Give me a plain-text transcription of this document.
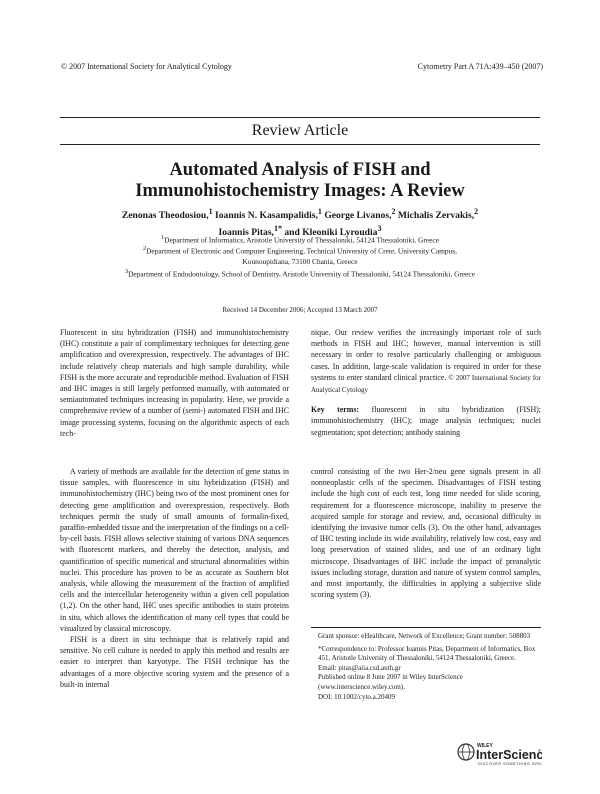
© 2007 International Society for Analytical Cytology	Cytometry Part A 71A:439–450 (2007)
Review Article
Automated Analysis of FISH and
Immunohistochemistry Images: A Review
Zenonas Theodosiou,$^1$ Ioannis N. Kasampalidis,$^1$ George Livanos,$^2$ Michalis Zervakis,$^2$
Ioannis Pitas,$^{1*}$ and Kleoniki Lyroudia$^3$
$^1$Department of Informatics, Aristotle University of Thessaloniki, 54124 Thessaloniki, Greece
$^2$Department of Electronic and Computer Engineering, Technical University of Crete, University Campus,
Kounoupidiana, 73100 Chania, Greece
$^3$Department of Endodontology, School of Dentistry, Aristotle University of Thessaloniki, 54124 Thessaloniki, Greece
Received 14 December 2006; Accepted 13 March 2007

Fluorescent in situ hybridization (FISH) and immunohistochemistry (IHC) constitute a pair of complimentary techniques for detecting gene amplification and overexpression, respectively. The advantages of IHC include relatively cheap materials and high sample durability, while FISH is the more accurate and reproducible method. Evaluation of FISH and IHC images is still largely performed manually, with automated or semiautomated techniques increasing in popularity. Here, we provide a comprehensive review of a number of (semi-) automated FISH and IHC image processing systems, focusing on the algorithmic aspects of each tech-

nique. Our review verifies the increasingly important role of such methods in FISH and IHC; however, manual intervention is still necessary in order to resolve particularly challenging or ambiguous cases. In addition, large-scale validation is required in order for these systems to enter standard clinical practice. © 2007 International Society for Analytical Cytology

Key terms: fluorescent in situ hybridization (FISH); immunohistochemistry (IHC); image analysis techniques; nuclei segmentation; spot detection; antibody staining

A variety of methods are available for the detection of gene status in tissue samples, with fluorescence in situ hybridization (FISH) and immunohistochemistry (IHC) being two of the most prominent ones for detecting gene amplification and overexpression, respectively. Both techniques permit the study of small amounts of formalin-fixed, paraffin-embedded tissue and the interpretation of the findings on a cell-by-cell basis. FISH allows selective staining of various DNA sequences with fluorescent markers, and thereby the detection, analysis, and quantification of specific numerical and structural abnormalities within nuclei. This procedure has proven to be as accurate as Southern blot analysis, while allowing the measurement of the fraction of amplified cells and the intercellular heterogeneity within a given cell population (1,2). On the other hand, IHC uses specific antibodies to stain proteins in situ, which allows the identification of many cell types that could be visualized by classical microscopy.

FISH is a direct in situ technique that is relatively rapid and sensitive. No cell culture is needed to apply this method and results are easier to interpret than karyotype. The FISH technique has the advantages of a more objective scoring system and the presence of a built-in internal

control consisting of the two Her-2/neu gene signals present in all nonneoplastic cells of the specimen. Disadvantages of FISH testing include the high cost of each test, long time needed for slide scoring, requirement for a fluorescence microscope, inability to preserve the acquired sample for storage and review, and, occasional difficulty in identifying the invasive tumor cells (3). On the other hand, advantages of IHC testing include its wide availability, relatively low cost, easy and long preservation of stained slides, and use of an ordinary light microscope. Disadvantages of IHC include the impact of preanalytic issues including storage, duration and nature of system control samples, and most importantly, the difficulties in applying a subjective slide scoring system (3).

Grant sponsor: eHealthcare, Network of Excellence; Grant number: 508803

*Correspondence to: Professor Ioannis Pitas, Department of Informatics, Box 451, Aristotle University of Thessaloniki, 54124 Thessaloniki, Greece.

Email: pitas@aiia.csd.auth.gr

Published online 8 June 2007 in Wiley InterScience (www.interscience.wiley.com).

DOI: 10.1002/cyto.a.20409

WILEY
InterScienc
®
DISCOVER SOMETHING GREAT
